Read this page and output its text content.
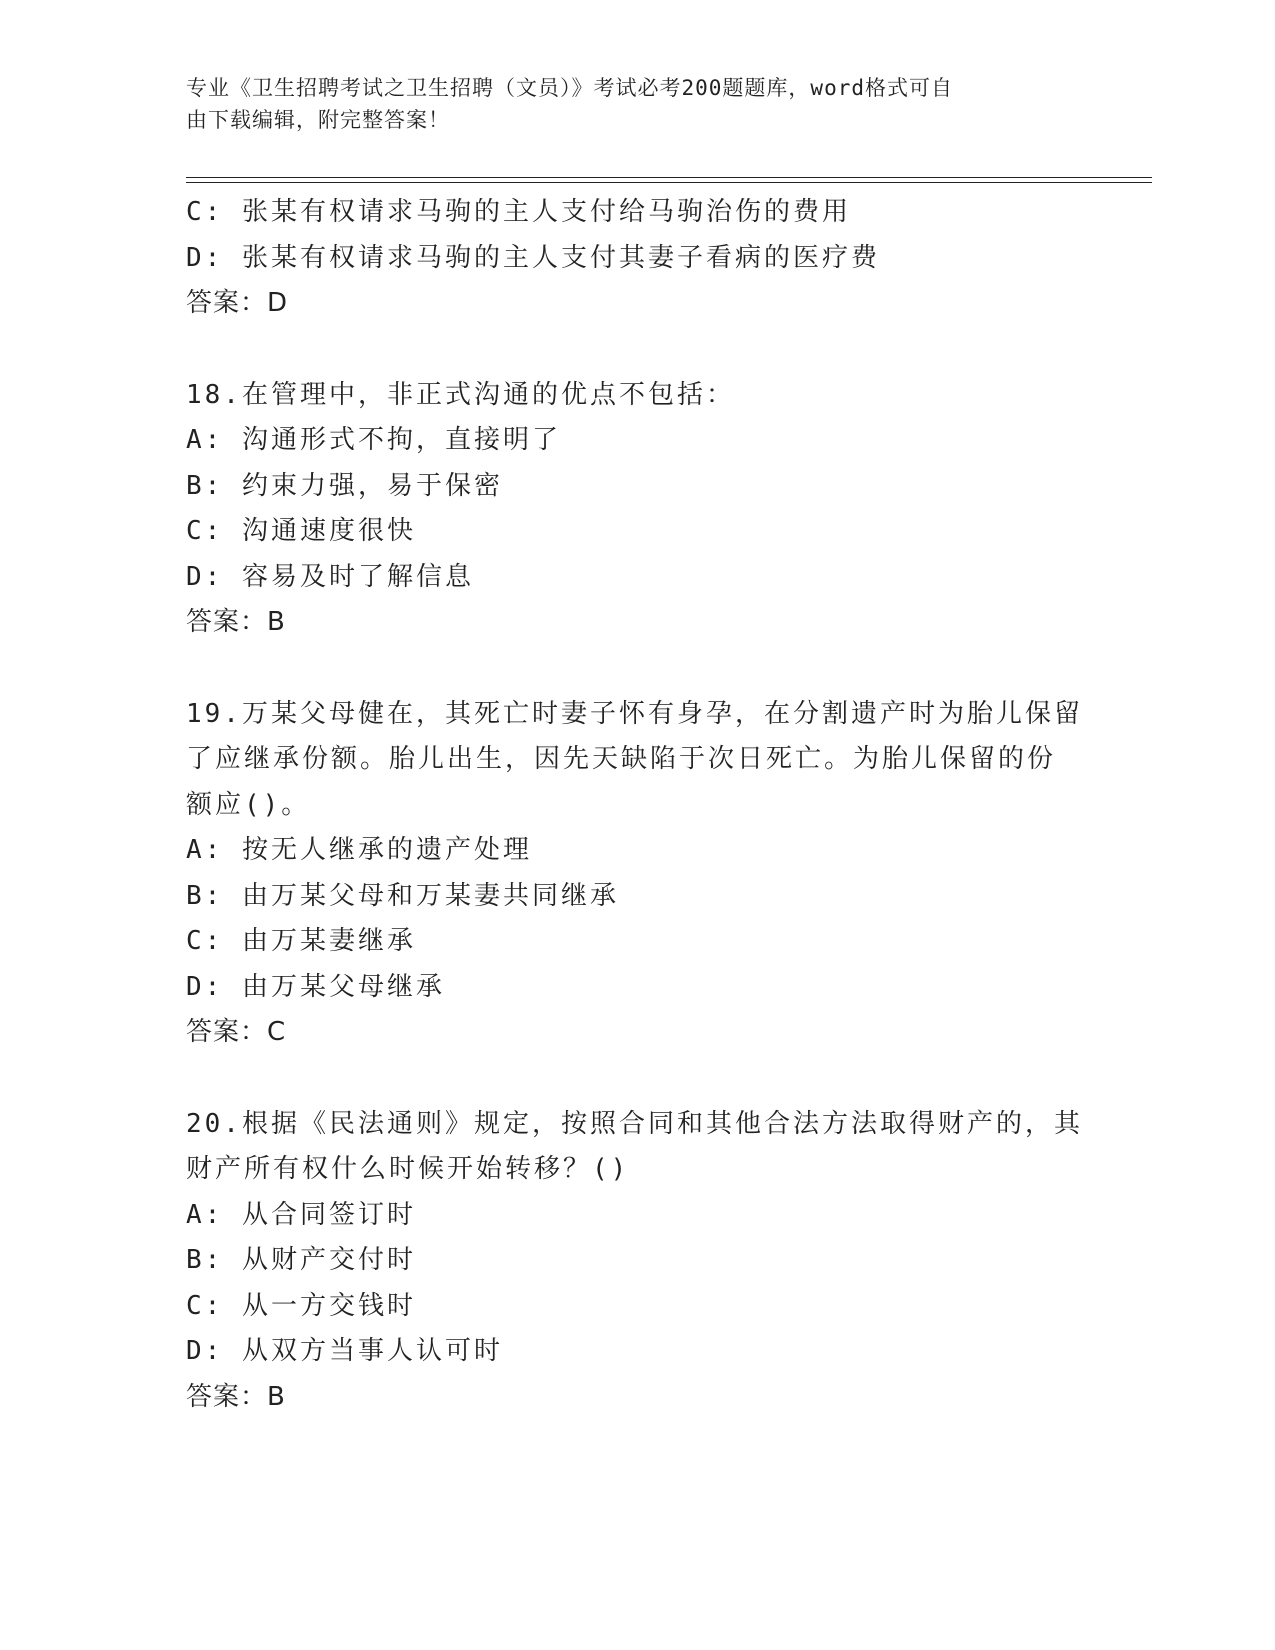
专业《卫生招聘考试之卫生招聘（文员）》考试必考200题题库，word格式可自
由下载编辑，附完整答案！
C: 张某有权请求马驹的主人支付给马驹治伤的费用
D: 张某有权请求马驹的主人支付其妻子看病的医疗费
答案：D
18.在管理中，非正式沟通的优点不包括：
A: 沟通形式不拘，直接明了
B: 约束力强，易于保密
C: 沟通速度很快
D: 容易及时了解信息
答案：B
19.万某父母健在，其死亡时妻子怀有身孕，在分割遗产时为胎儿保留
了应继承份额。胎儿出生，因先天缺陷于次日死亡。为胎儿保留的份
额应()。
A: 按无人继承的遗产处理
B: 由万某父母和万某妻共同继承
C: 由万某妻继承
D: 由万某父母继承
答案：C
20.根据《民法通则》规定，按照合同和其他合法方法取得财产的，其
财产所有权什么时候开始转移？()
A: 从合同签订时
B: 从财产交付时
C: 从一方交钱时
D: 从双方当事人认可时
答案：B
